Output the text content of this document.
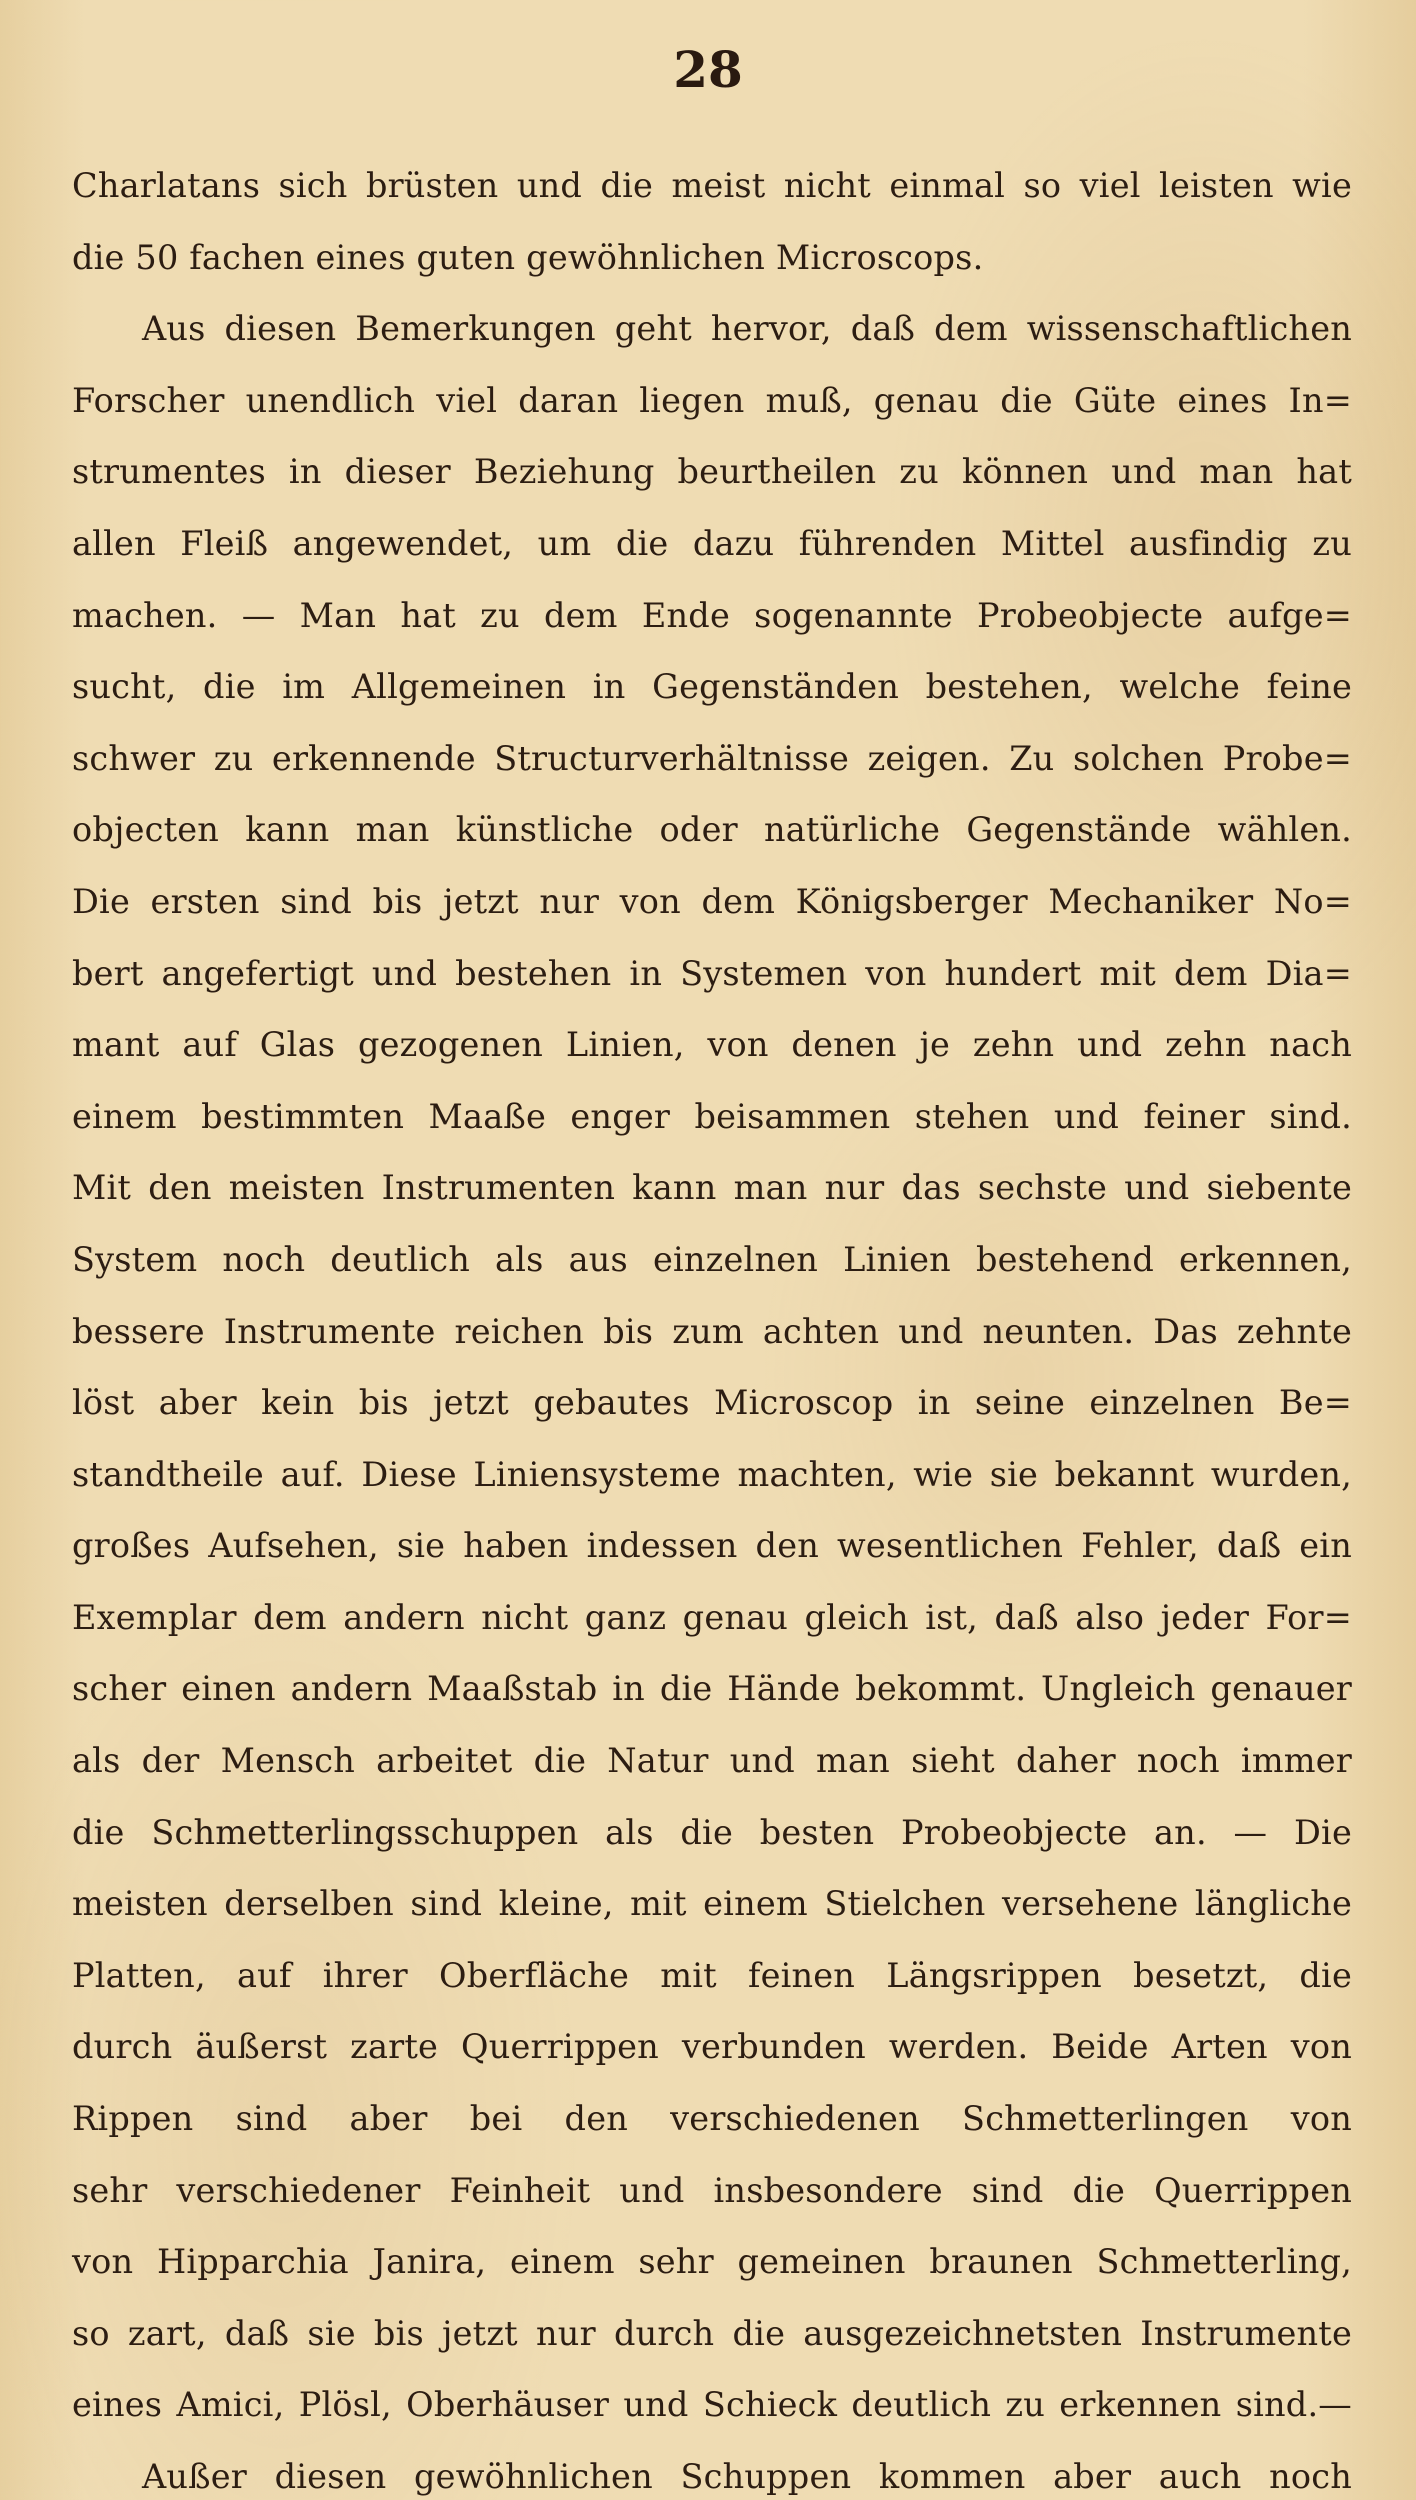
28
Charlatans sich brüsten und die meist nicht einmal so viel leisten wie
die 50 fachen eines guten gewöhnlichen Microscops.
Aus diesen Bemerkungen geht hervor, daß dem wissenschaftlichen
Forscher unendlich viel daran liegen muß, genau die Güte eines In=
strumentes in dieser Beziehung beurtheilen zu können und man hat
allen Fleiß angewendet, um die dazu führenden Mittel ausfindig zu
machen. — Man hat zu dem Ende sogenannte Probeobjecte aufge=
sucht, die im Allgemeinen in Gegenständen bestehen, welche feine
schwer zu erkennende Structurverhältnisse zeigen. Zu solchen Probe=
objecten kann man künstliche oder natürliche Gegenstände wählen.
Die ersten sind bis jetzt nur von dem Königsberger Mechaniker No=
bert angefertigt und bestehen in Systemen von hundert mit dem Dia=
mant auf Glas gezogenen Linien, von denen je zehn und zehn nach
einem bestimmten Maaße enger beisammen stehen und feiner sind.
Mit den meisten Instrumenten kann man nur das sechste und siebente
System noch deutlich als aus einzelnen Linien bestehend erkennen,
bessere Instrumente reichen bis zum achten und neunten. Das zehnte
löst aber kein bis jetzt gebautes Microscop in seine einzelnen Be=
standtheile auf. Diese Liniensysteme machten, wie sie bekannt wurden,
großes Aufsehen, sie haben indessen den wesentlichen Fehler, daß ein
Exemplar dem andern nicht ganz genau gleich ist, daß also jeder For=
scher einen andern Maaßstab in die Hände bekommt. Ungleich genauer
als der Mensch arbeitet die Natur und man sieht daher noch immer
die Schmetterlingsschuppen als die besten Probeobjecte an. — Die
meisten derselben sind kleine, mit einem Stielchen versehene längliche
Platten, auf ihrer Oberfläche mit feinen Längsrippen besetzt, die
durch äußerst zarte Querrippen verbunden werden. Beide Arten von
Rippen sind aber bei den verschiedenen Schmetterlingen von
sehr verschiedener Feinheit und insbesondere sind die Querrippen
von Hipparchia Janira, einem sehr gemeinen braunen Schmetterling,
so zart, daß sie bis jetzt nur durch die ausgezeichnetsten Instrumente
eines Amici, Plösl, Oberhäuser und Schieck deutlich zu erkennen sind.—
Außer diesen gewöhnlichen Schuppen kommen aber auch noch
